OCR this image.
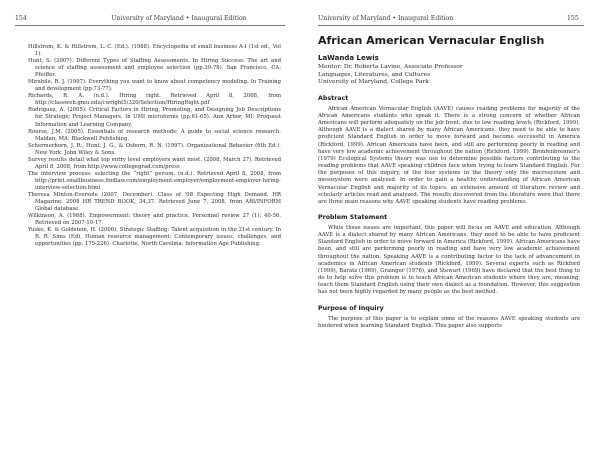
154	University of Maryland • Inaugural Edition

Hillstrom, K. & Hillstrom, L. C. (Ed.). (1988). Encyclopedia of small business A-I (1st ed., Vol 1).

Hunt, S. (2007). Different Types of Staffing Assessments. In Hiring Success: The art and science of staffing assessment and employee selection (pp.39-78). San Francisco, CA: Pfeiffer.

Mirabile, R. J. (1997). Everything you want to know about competency modeling. In Training and development (pp.73-77).

Richards, R. A. (n.d.). Hiring right. Retrieved April 8, 2008, from http://classweb.gmu.edu/cwright5/320/Selection/HiringRight.pdf

Rodriguez, A. (2005). Critical Factors in Hiring, Promoting, and Designing Job Descriptions for Strategic Project Managers. In UMI microforms (pp.61-65). Ann Arbor, MI: Proquest Information and Learning Company.

Rourse, J.M. (2005). Essentials of research methods: A guide to social science research. Maldan, MA: Blackwell Publishing.

Schermerhorn, J. R., Hunt, J. G., & Osborn, R. N. (1997). Organizational Behavior (6th Ed.). New York: John Wiley & Sons.

Survey results detail what top entry level employers want most. (2008, March 27). Retrieved April 8, 2008, from http://www.collegegrad.com/press

The interview process: selecting the “right” person. (n.d.). Retrieved April 8, 2008, from http://print.smallbusiness.findlaw.com/employment-employer/employment-employer-hiring-interview-selection.html

Theresa Minton-Eversole (2007, December). Class of '08 Expecting High Demand. HR Magazine: 2008 HR TREND BOOK, 34,37. Retrieved June 7, 2008, from ABI/INFORM Global database.

Wilkinson, A. (1988). Empowerment: theory and practice. Personnel review 27 (1): 40-56. Retrieved on 2007-10-17.

Yusko, K. & Goldstein, H. (2006). Strategic Staffing: Talent acquisition in the 21st century. In R. R. Sims (Ed), Human resource management: Contemporary issues, challenges, and opportunities (pp. 175-226). Charlotte, North Carolina: Information Age Publishing.

University of Maryland • Inaugural Edition	155
African American Vernacular English
LaWanda Lewis
Mentor: Dr. Roberta Lavine, Associate Professor
Languages, Literatures, and Cultures
University of Maryland, College Park
Abstract

African American Vernacular English (AAVE) causes reading problems for majority of the African Americans students who speak it. There is a strong concern of whether African Americans will perform adequately on the job front, due to low reading levels (Rickford, 1999). Although AAVE is a dialect shared by many African Americans, they need to be able to have proficient Standard English in order to move forward and become successful in America (Rickford, 1999). African Americans have been, and still are performing poorly in reading and have very low academic achievement throughout the nation (Rickford, 1999). Bronfenbrenner's (1979) Ecological Systems theory was use to determine possible factors contributing to the reading problems that AAVE speaking children face when trying to learn Standard English. For the purposes of this inquiry, of the four systems in the theory only the microsystem and mesosystem were analyzed. In order to gain a healthy understanding of African American Vernacular English and majority of its topics, an extensive amount of literature review and scholarly articles read and analyzed. The results discovered from the literature were that there are three main reasons why AAVE speaking students have reading problems.

Problem Statement

While these issues are important, this paper will focus on AAVE and education. Although AAVE is a dialect shared by many African Americans, they need to be able to have proficient Standard English in order to move forward in America (Rickford, 1999). African Americans have been, and still are performing poorly in reading and have very low academic achievement throughout the nation. Speaking AAVE is a contributing factor to the lack of advancement in academics in African American students (Rickford, 1999). Several experts such as Rickford (1999), Baratz (1969), Grainger (1976), and Stewart (1969) have declared that the best thing to do to help solve this problem is to teach African American students where they are, meaning, teach them Standard English using their own dialect as a foundation. However, this suggestion has not been highly regarded by many people as the best method.

Purpose of Inquiry

The purpose of this paper is to explain some of the reasons AAVE speaking students are hindered when learning Standard English. This paper also supports
